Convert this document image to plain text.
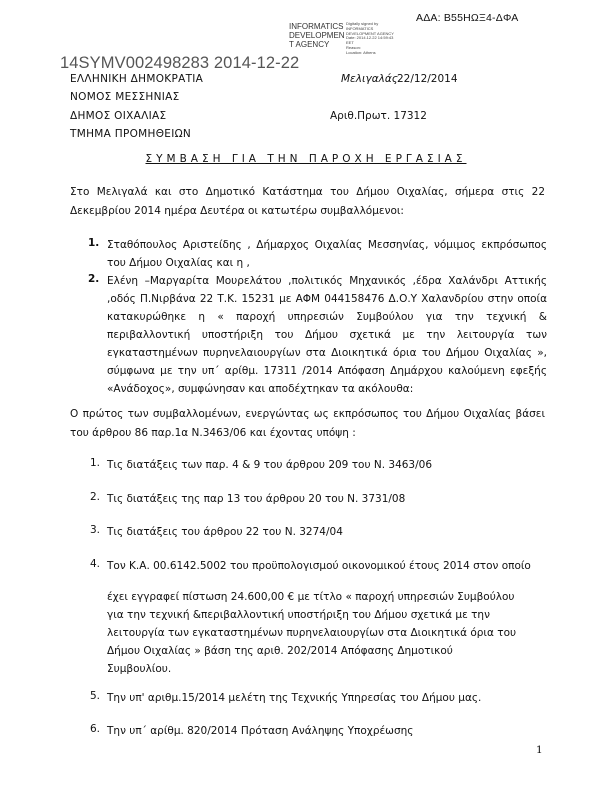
ΑΔΑ: Β55ΗΩΞ4-ΔΦΑ
INFORMATICS DEVELOPMEN T AGENCY
Digitally signed by
INFORMATICS
DEVELOPMENT AGENCY
Date: 2014.12.22 14:59:43
EET
Reason:
Location: Athens
14SYMV002498283 2014-12-22
ΕΛΛΗΝΙΚΗ ΔΗΜΟΚΡΑΤΙΑ
ΝΟΜΟΣ ΜΕΣΣΗΝΙΑΣ
ΔΗΜΟΣ ΟΙΧΑΛΙΑΣ
ΤΜΗΜΑ ΠΡΟΜΗΘΕΙΩΝ
Μελιγαλάς 22/12/2014
Αριθ.Πρωτ. 17312
ΣΥΜΒΑΣΗ ΓΙΑ ΤΗΝ ΠΑΡΟΧΗ ΕΡΓΑΣΙΑΣ
Στο Μελιγαλά και στο Δημοτικό Κατάστημα του Δήμου Οιχαλίας, σήμερα στις 22 Δεκεμβρίου 2014 ημέρα Δευτέρα οι κατωτέρω συμβαλλόμενοι:
1. Σταθόπουλος Αριστείδης , Δήμαρχος Οιχαλίας Μεσσηνίας, νόμιμος εκπρόσωπος του Δήμου Οιχαλίας και η ,
2. Ελένη –Μαργαρίτα Μουρελάτου ,πολιτικός Μηχανικός ,έδρα Χαλάνδρι Αττικής ,οδός Π.Νιρβάνα 22 Τ.Κ. 15231 με ΑΦΜ 044158476 Δ.Ο.Υ Χαλανδρίου στην οποία κατακυρώθηκε η « παροχή υπηρεσιών Συμβούλου για την τεχνική & περιβαλλοντική υποστήριξη του Δήμου σχετικά με την λειτουργία των εγκαταστημένων πυρηνελαιουργίων στα Διοικητικά όρια του Δήμου Οιχαλίας », σύμφωνα με την υπ΄ αρίθμ. 17311 /2014 Απόφαση Δημάρχου καλούμενη εφεξής «Ανάδοχος», συμφώνησαν και αποδέχτηκαν τα ακόλουθα:
Ο πρώτος των συμβαλλομένων, ενεργώντας ως εκπρόσωπος του Δήμου Οιχαλίας βάσει του άρθρου 86 παρ.1α Ν.3463/06 και έχοντας υπόψη :
1. Τις διατάξεις των παρ. 4 & 9 του άρθρου 209 του Ν. 3463/06
2. Τις διατάξεις της παρ 13 του άρθρου 20 του Ν. 3731/08
3. Τις διατάξεις του άρθρου 22 του Ν. 3274/04
4. Τον Κ.Α. 00.6142.5002 του προϋπολογισμού οικονομικού έτους 2014 στον οποίο
έχει εγγραφεί πίστωση 24.600,00 € με τίτλο « παροχή υπηρεσιών Συμβούλου για την τεχνική &περιβαλλοντική υποστήριξη του Δήμου σχετικά με την λειτουργία των εγκαταστημένων πυρηνελαιουργίων στα Διοικητικά όρια του Δήμου Οιχαλίας » βάση της αριθ. 202/2014 Απόφασης Δημοτικού Συμβουλίου.
5. Την υπ' αριθμ.15/2014 μελέτη της Τεχνικής Υπηρεσίας του Δήμου μας.
6. Την υπ΄ αρίθμ. 820/2014 Πρόταση Ανάληψης Υποχρέωσης
1
